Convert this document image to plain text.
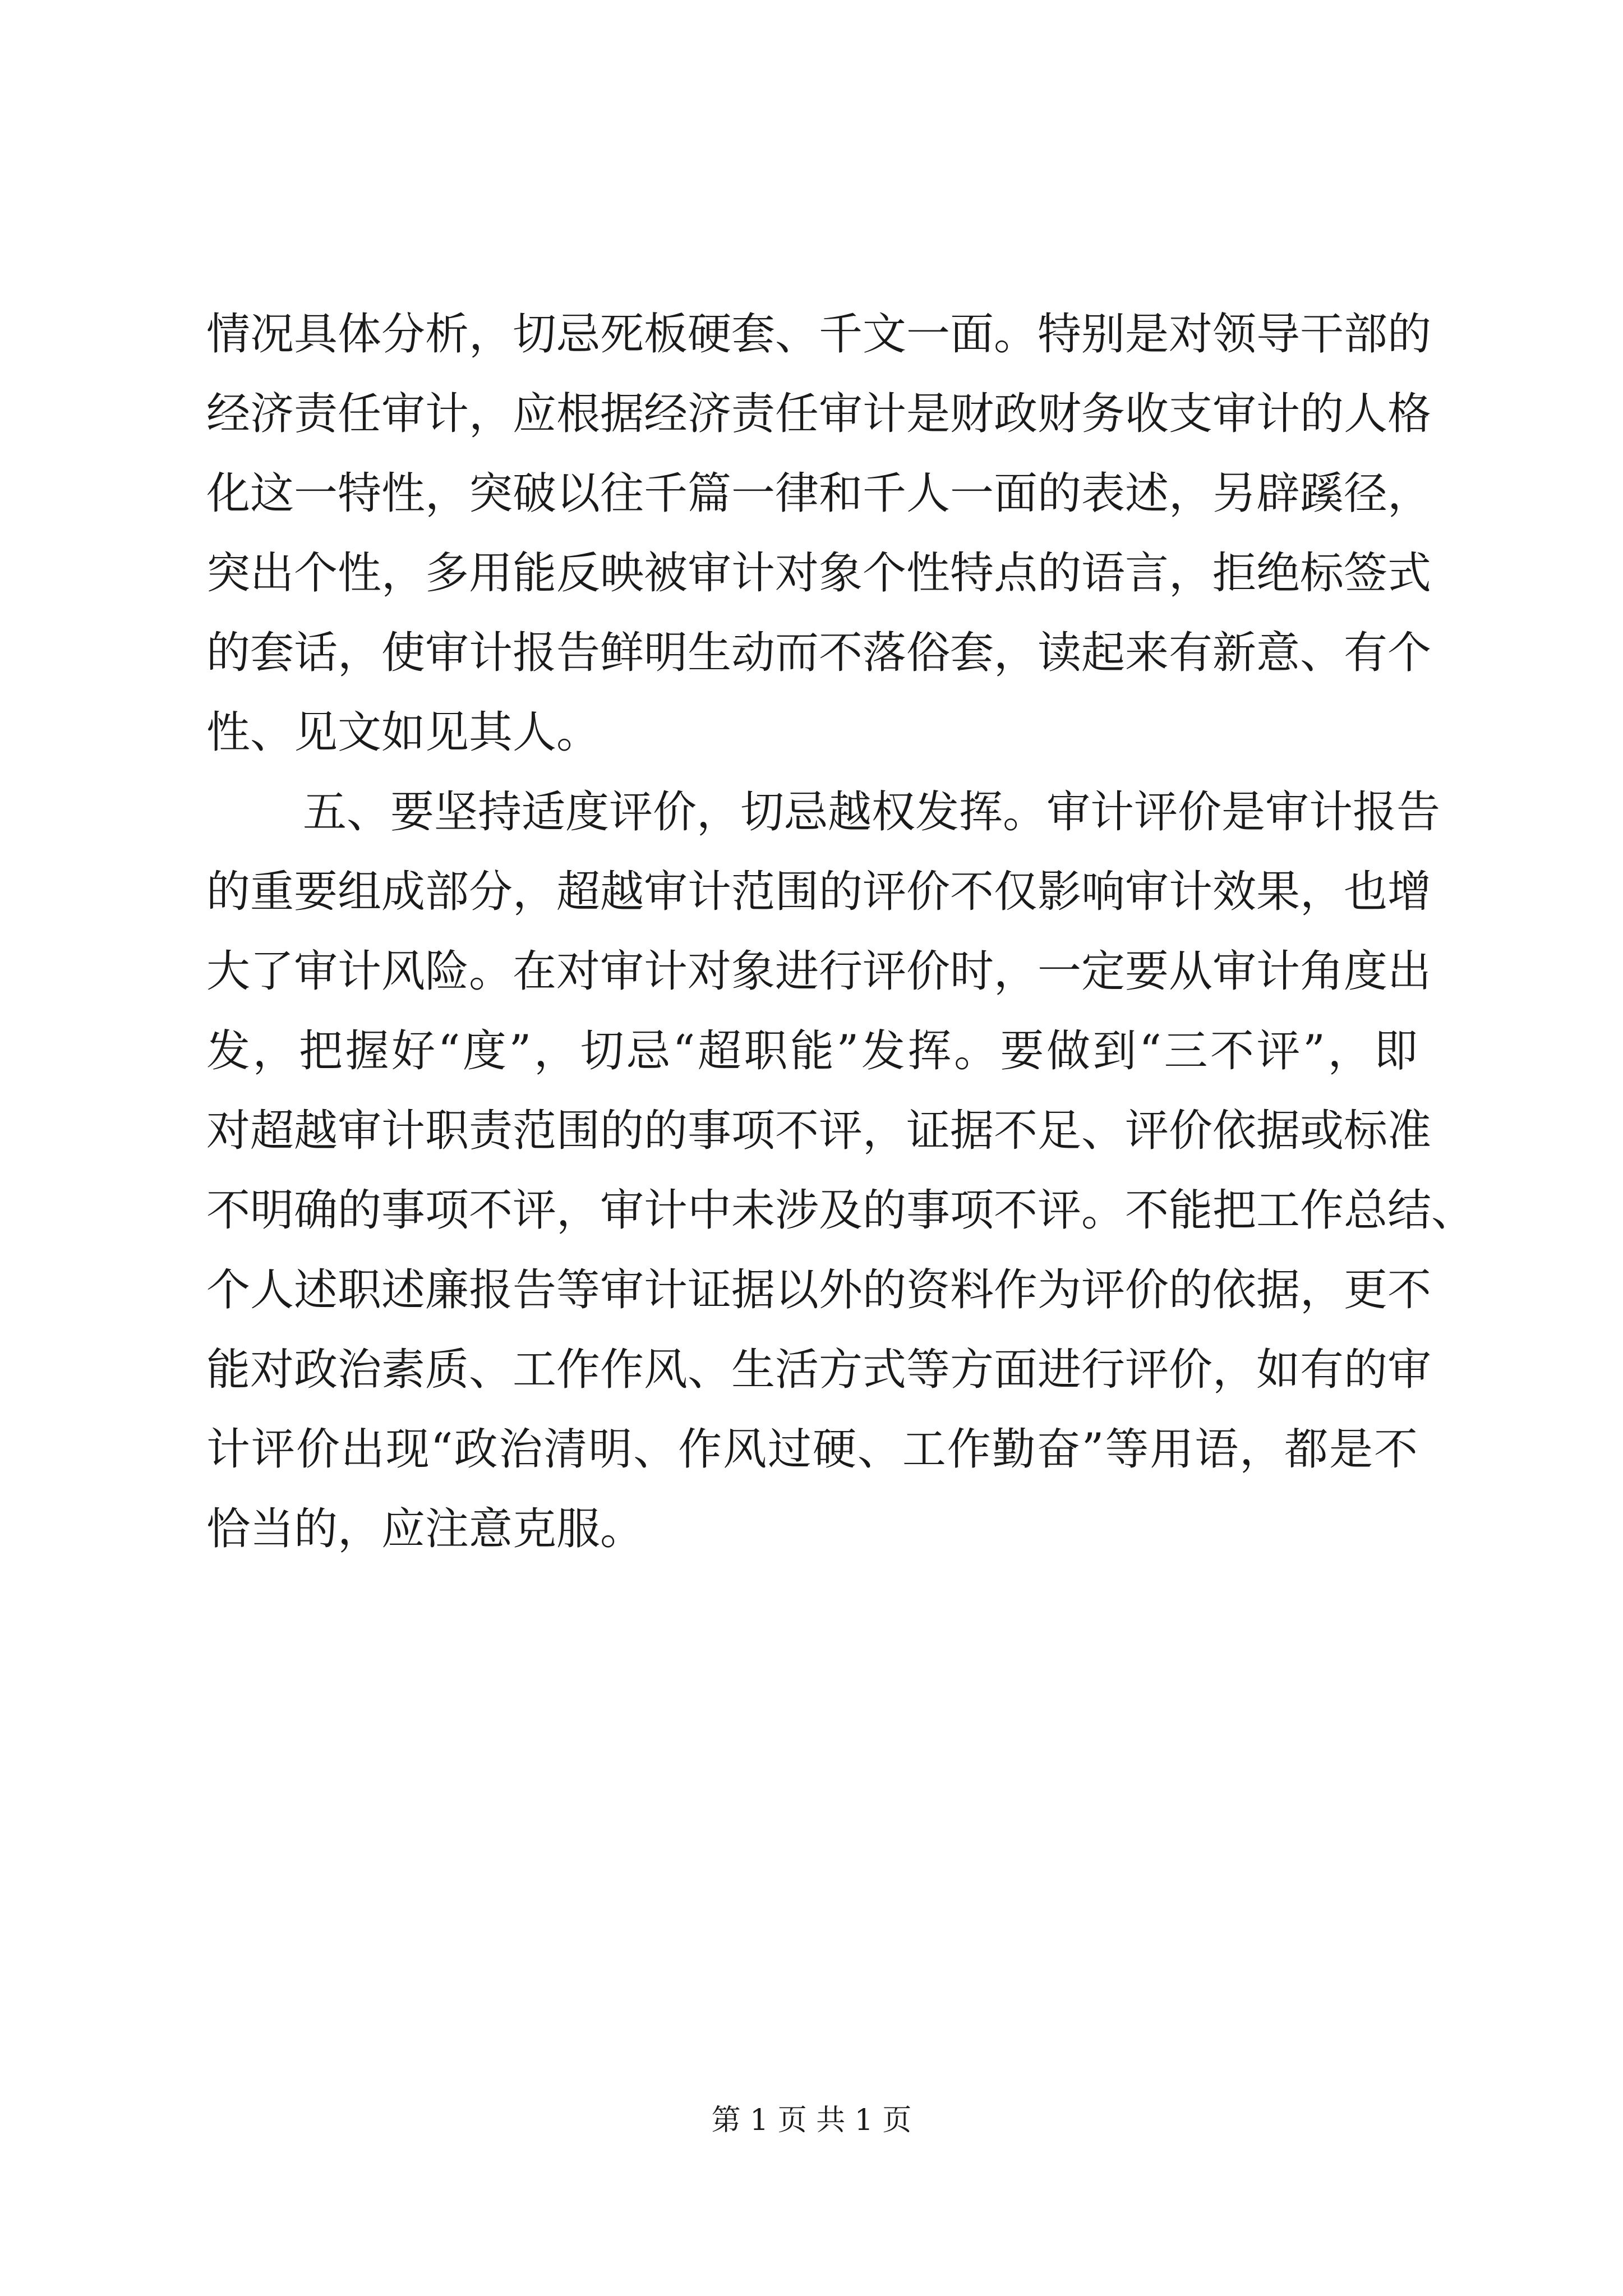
情况具体分析，切忌死板硬套、千文一面。特别是对领导干部的
经济责任审计，应根据经济责任审计是财政财务收支审计的人格
化这一特性，突破以往千篇一律和千人一面的表述，另辟蹊径，
突出个性，多用能反映被审计对象个性特点的语言，拒绝标签式
的套话，使审计报告鲜明生动而不落俗套，读起来有新意、有个
性、见文如见其人。
五、要坚持适度评价，切忌越权发挥。审计评价是审计报告
的重要组成部分，超越审计范围的评价不仅影响审计效果，也增
大了审计风险。在对审计对象进行评价时，一定要从审计角度出
发，把握好“度”，切忌“超职能”发挥。要做到“三不评”，即
对超越审计职责范围的的事项不评，证据不足、评价依据或标准
不明确的事项不评，审计中未涉及的事项不评。不能把工作总结、
个人述职述廉报告等审计证据以外的资料作为评价的依据，更不
能对政治素质、工作作风、生活方式等方面进行评价，如有的审
计评价出现“政治清明、作风过硬、工作勤奋”等用语，都是不
恰当的，应注意克服。
第 1 页 共 1 页
